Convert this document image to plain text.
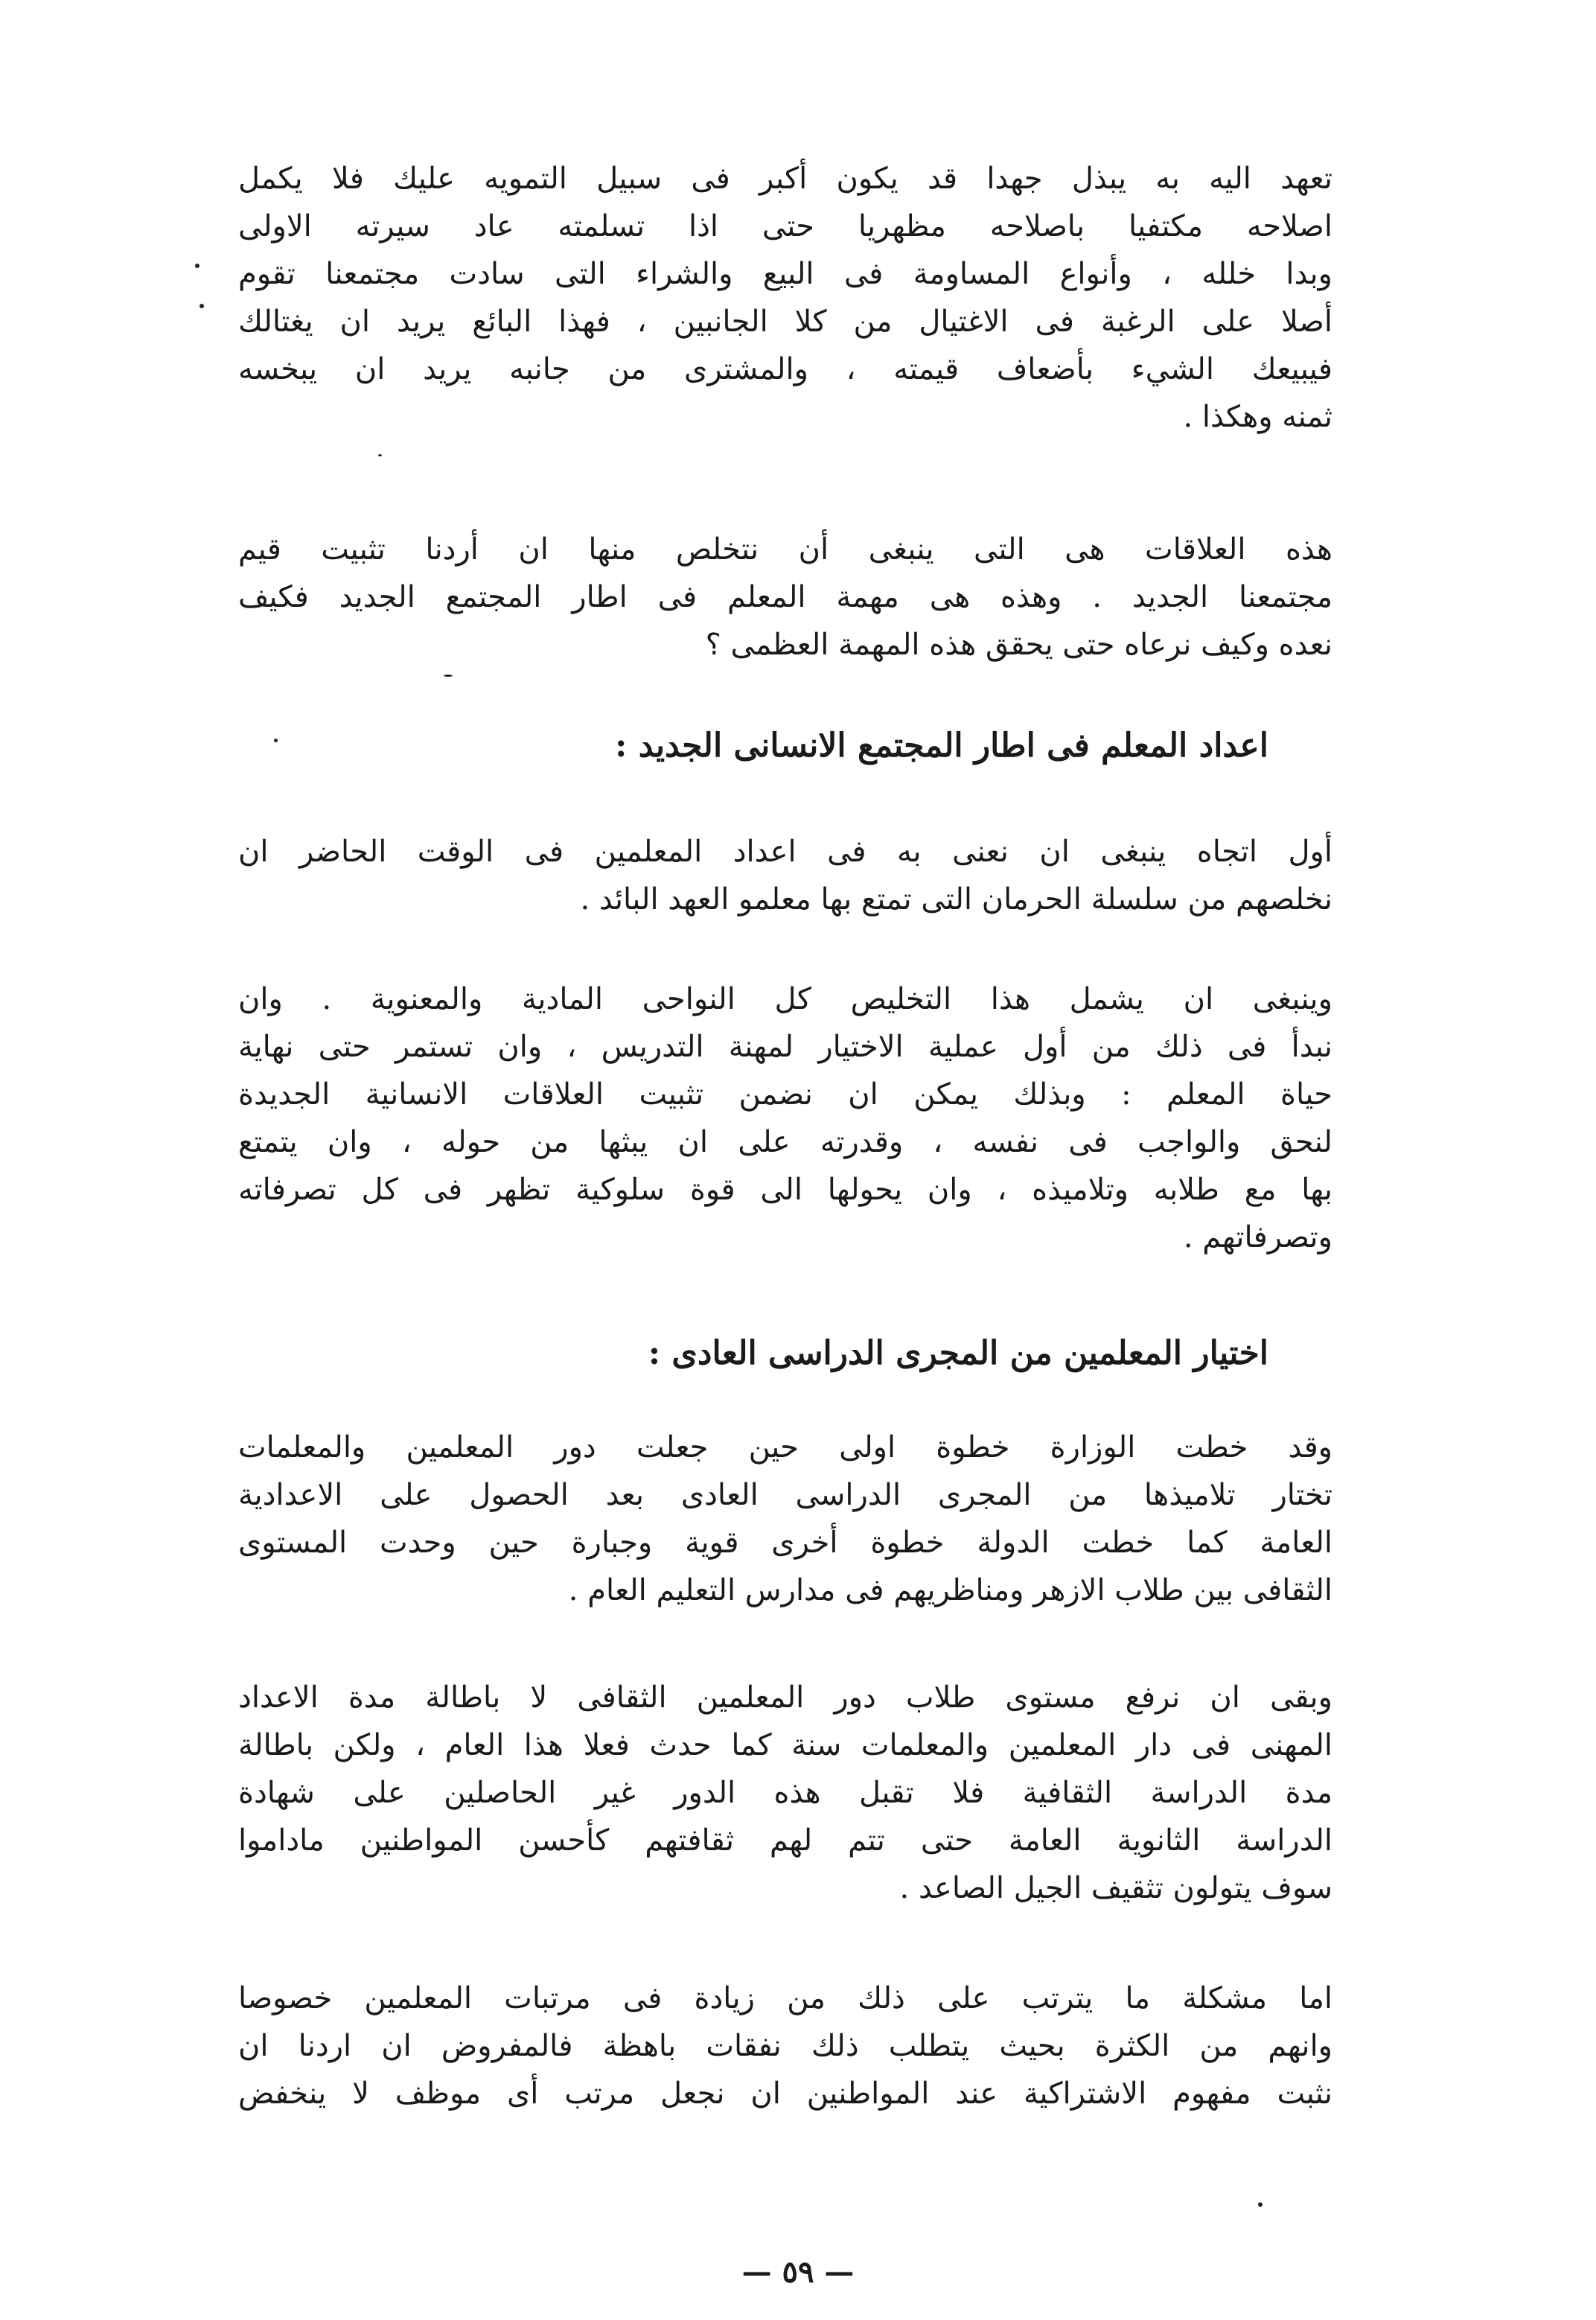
تعهد اليه به يبذل جهدا قد يكون أكبر فى سبيل التمويه عليك فلا يكمل
اصلاحه مكتفيا باصلاحه مظهريا حتى اذا تسلمته عاد سيرته الاولى
وبدا خلله ، وأنواع المساومة فى البيع والشراء التى سادت مجتمعنا تقوم
أصلا على الرغبة فى الاغتيال من كلا الجانبين ، فهذا البائع يريد ان يغتالك
فيبيعك الشيء بأضعاف قيمته ، والمشترى من جانبه يريد ان يبخسه
ثمنه وهكذا .
هذه العلاقات هى التى ينبغى أن نتخلص منها ان أردنا تثبيت قيم
مجتمعنا الجديد . وهذه هى مهمة المعلم فى اطار المجتمع الجديد فكيف
نعده وكيف نرعاه حتى يحقق هذه المهمة العظمى ؟
اعداد المعلم فى اطار المجتمع الانسانى الجديد :
أول اتجاه ينبغى ان نعنى به فى اعداد المعلمين فى الوقت الحاضر ان
نخلصهم من سلسلة الحرمان التى تمتع بها معلمو العهد البائد .
وينبغى ان يشمل هذا التخليص كل النواحى المادية والمعنوية . وان
نبدأ فى ذلك من أول عملية الاختيار لمهنة التدريس ، وان تستمر حتى نهاية
حياة المعلم : وبذلك يمكن ان نضمن تثبيت العلاقات الانسانية الجديدة
لنحق والواجب فى نفسه ، وقدرته على ان يبثها من حوله ، وان يتمتع
بها مع طلابه وتلاميذه ، وان يحولها الى قوة سلوكية تظهر فى كل تصرفاته
وتصرفاتهم .
اختيار المعلمين من المجرى الدراسى العادى :
وقد خطت الوزارة خطوة اولى حين جعلت دور المعلمين والمعلمات
تختار تلاميذها من المجرى الدراسى العادى بعد الحصول على الاعدادية
العامة كما خطت الدولة خطوة أخرى قوية وجبارة حين وحدت المستوى
الثقافى بين طلاب الازهر ومناظريهم فى مدارس التعليم العام .
وبقى ان نرفع مستوى طلاب دور المعلمين الثقافى لا باطالة مدة الاعداد
المهنى فى دار المعلمين والمعلمات سنة كما حدث فعلا هذا العام ، ولكن باطالة
مدة الدراسة الثقافية فلا تقبل هذه الدور غير الحاصلين على شهادة
الدراسة الثانوية العامة حتى تتم لهم ثقافتهم كأحسن المواطنين ماداموا
سوف يتولون تثقيف الجيل الصاعد .
اما مشكلة ما يترتب على ذلك من زيادة فى مرتبات المعلمين خصوصا
وانهم من الكثرة بحيث يتطلب ذلك نفقات باهظة فالمفروض ان اردنا ان
نثبت مفهوم الاشتراكية عند المواطنين ان نجعل مرتب أى موظف لا ينخفض
— ٥٩ —
